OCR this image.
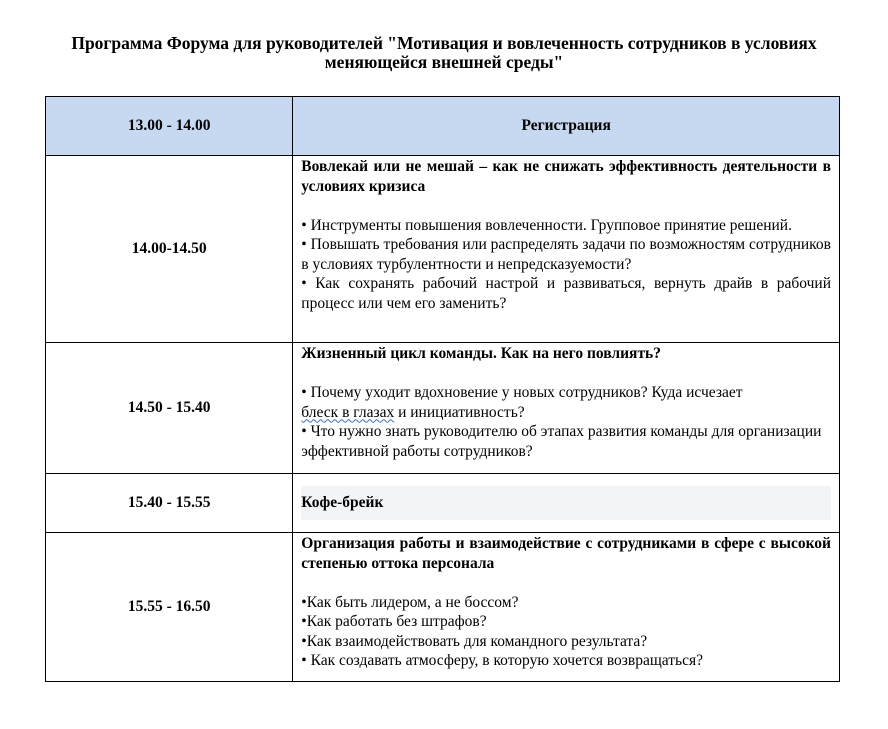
Программа Форума для руководителей "Мотивация и вовлеченность сотрудников в условиях меняющейся внешней среды"
13.00 - 14.00	Регистрация
14.00-14.50	Вовлекай или не мешай – как не снижать эффективность деятельности в условиях кризиса

• Инструменты повышения вовлеченности. Групповое принятие решений.

• Повышать требования или распределять задачи по возможностям сотрудников в условиях турбулентности и непредсказуемости?

• Как сохранять рабочий настрой и развиваться, вернуть драйв в рабочий процесс или чем его заменить?

14.50 - 15.40	Жизненный цикл команды. Как на него повлиять?

• Почему уходит вдохновение у новых сотрудников? Куда исчезает

блеск в глазах и инициативность?

• Что нужно знать руководителю об этапах развития команды для организации эффективной работы сотрудников?

15.40 - 15.55	Кофе-брейк

15.55 - 16.50	Организация работы и взаимодействие с сотрудниками в сфере с высокой степенью оттока персонала

•Как быть лидером, а не боссом?

•Как работать без штрафов?

•Как взаимодействовать для командного результата?

• Как создавать атмосферу, в которую хочется возвращаться?
